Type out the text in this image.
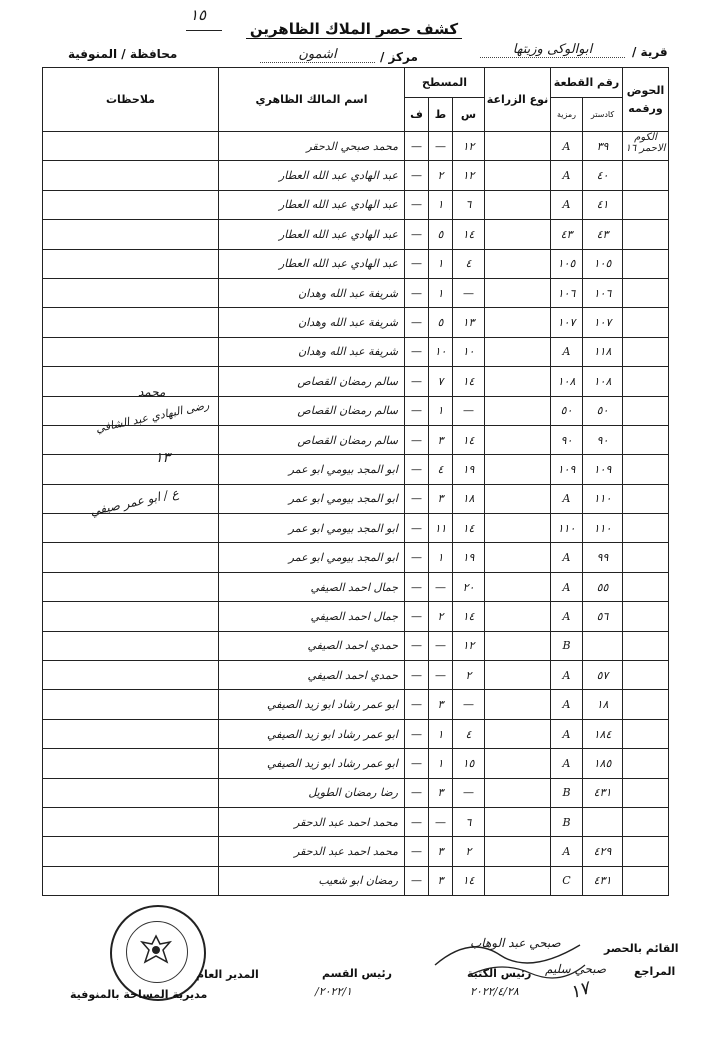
١٥
كشف حصر الملاك الظاهرين
قرية /
ابوالوكى وزيتها
مركز /
اشمون
محافظة / المنوفية
الحوض ورقمه	رقم القطعة		نوع الزراعة	المسطح			اسم المالك الظاهري	ملاحظات
	كادستر	رمزية		س	ط	ف		
الكوم الاحمر ١٦	٣٩	A		١٢	—	—	محمد صبحي الدحقر	
	٤٠	A		١٢	٢	—	عبد الهادي عبد الله العطار	
	٤١	A		٦	١	—	عبد الهادي عبد الله العطار	
	٤٣	٤٣		١٤	٥	—	عبد الهادي عبد الله العطار	
	١٠٥	١٠٥		٤	١	—	عبد الهادي عبد الله العطار	
	١٠٦	١٠٦		—	١	—	شريفة عبد الله وهدان	
	١٠٧	١٠٧		١٣	٥	—	شريفة عبد الله وهدان	
	١١٨	A		١٠	١٠	—	شريفة عبد الله وهدان	
	١٠٨	١٠٨		١٤	٧	—	سالم رمضان القصاص	
	٥٠	٥٠		—	١	—	سالم رمضان القصاص	
	٩٠	٩٠		١٤	٣	—	سالم رمضان القصاص	
	١٠٩	١٠٩		١٩	٤	—	ابو المجد بيومي ابو عمر	
	١١٠	A		١٨	٣	—	ابو المجد بيومي ابو عمر	
	١١٠	١١٠		١٤	١١	—	ابو المجد بيومي ابو عمر	
	٩٩	A		١٩	١	—	ابو المجد بيومي ابو عمر	
	٥٥	A		٢٠	—	—	جمال احمد الصيفي	
	٥٦	A		١٤	٢	—	جمال احمد الصيفي	
		B		١٢	—	—	حمدي احمد الصيفي	
	٥٧	A		٢	—	—	حمدي احمد الصيفي	
	١٨	A		—	٣	—	ابو عمر رشاد ابو زيد الصيفي	
	١٨٤	A		٤	١	—	ابو عمر رشاد ابو زيد الصيفي	
	١٨٥	A		١٥	١	—	ابو عمر رشاد ابو زيد الصيفي	
	٤٣١	B		—	٣	—	رضا رمضان الطويل	
		B		٦	—	—	محمد احمد عبد الدحقر	
	٤٢٩	A		٢	٣	—	محمد احمد عبد الدحقر	
	٤٣١	C		١٤	٣	—	رمضان ابو شعيب	
محمد
رضى البهادي عبد الشافي
١٣
ع / ابو عمر صيفي
القائم بالحصر
صبحي عبد الوهاب
المراجع
صبحي سليم
رئيس الكتبة
٢٠٢٢/٤/٢٨
رئيس القسم
٢٠٢٢/١/	١٧
المدير العام
مديرية المساحة بالمنوفية
